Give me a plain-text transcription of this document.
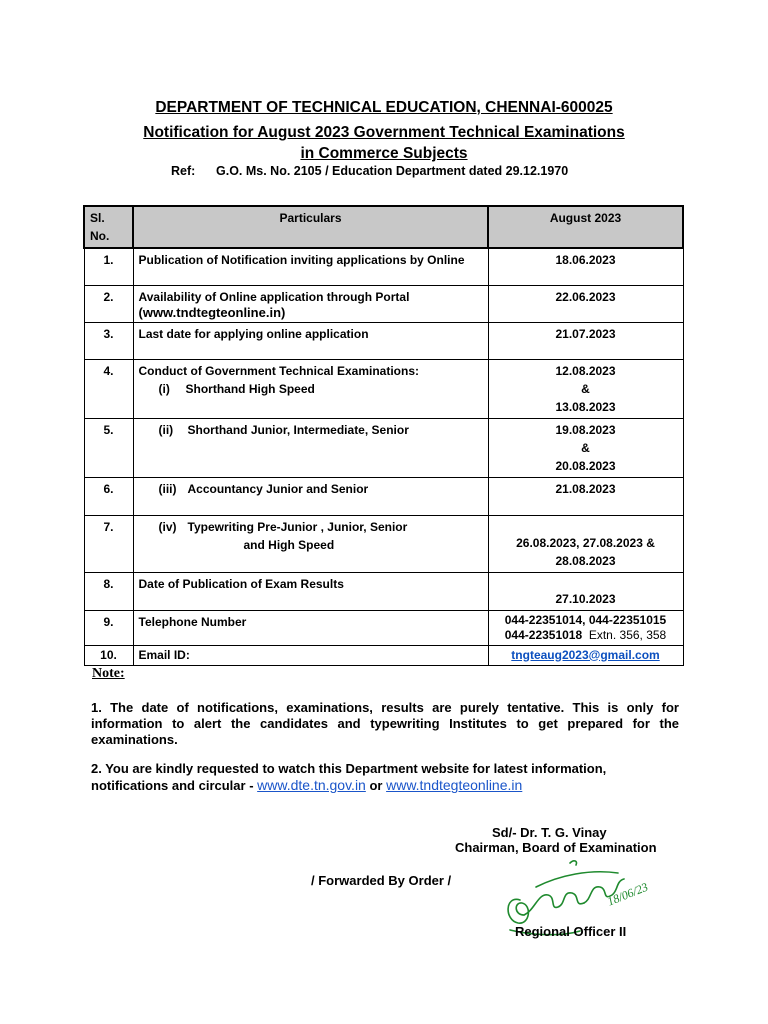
DEPARTMENT OF TECHNICAL EDUCATION, CHENNAI-600025
Notification for August 2023 Government Technical Examinations
in Commerce Subjects
Ref: G.O. Ms. No. 2105 / Education Department dated 29.12.1970
Sl. No.	Particulars	August 2023
1.	Publication of Notification inviting applications by Online	18.06.2023
2.	Availability of Online application through Portal
(www.tndtegteonline.in)	22.06.2023
3.	Last date for applying online application	21.07.2023
4.	Conduct of Government Technical Examinations:
(i) Shorthand High Speed	12.08.2023
&
13.08.2023

5.	(ii) Shorthand Junior, Intermediate, Senior	19.08.2023
&
20.08.2023

6.	(iii) Accountancy Junior and Senior	21.08.2023
7.	(iv) Typewriting Pre-Junior , Junior, Senior
and High Speed	26.08.2023, 27.08.2023 &
28.08.2023

8.	Date of Publication of Exam Results	27.10.2023
9.	Telephone Number	044-22351014, 044-22351015
044-22351018 Extn. 356, 358

10.	Email ID:	tngteaug2023@gmail.com
Note:
1. The date of notifications, examinations, results are purely tentative. This is only for information to alert the candidates and typewriting Institutes to get prepared for the examinations.
2. You are kindly requested to watch this Department website for latest information, notifications and circular - www.dte.tn.gov.in or www.tndtegteonline.in
Sd/- Dr. T. G. Vinay
Chairman, Board of Examination
/ Forwarded By Order /	18/06/23
Regional Officer II
